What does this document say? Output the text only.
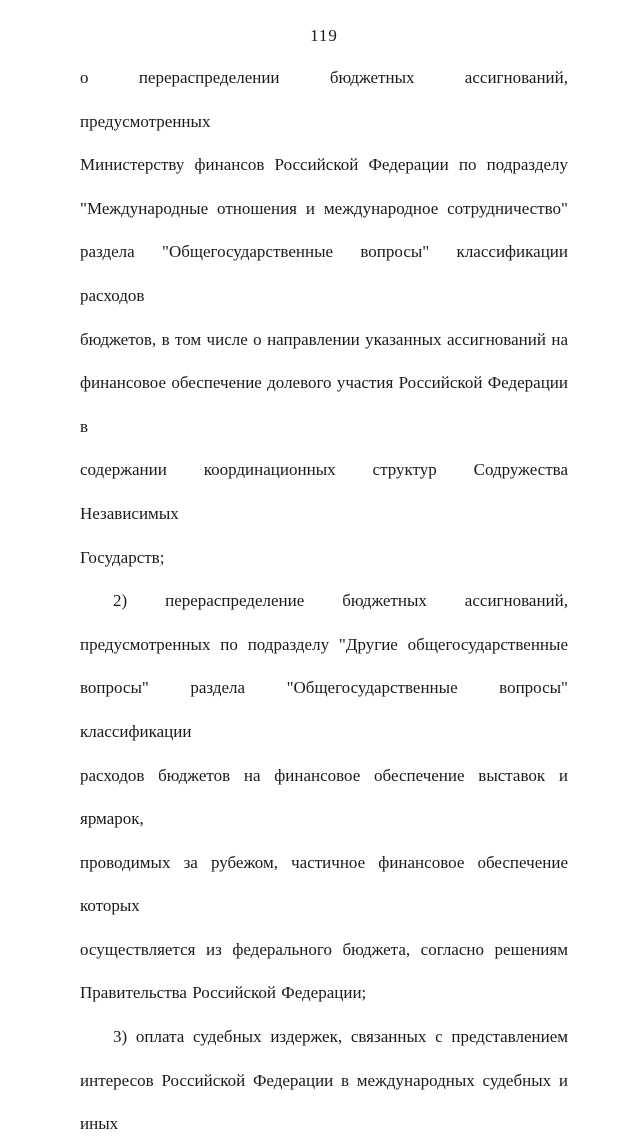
119
о перераспределении бюджетных ассигнований, предусмотренных
Министерству финансов Российской Федерации по подразделу
"Международные отношения и международное сотрудничество"
раздела "Общегосударственные вопросы" классификации расходов
бюджетов, в том числе о направлении указанных ассигнований на
финансовое обеспечение долевого участия Российской Федерации в
содержании координационных структур Содружества Независимых
Государств;
2) перераспределение бюджетных ассигнований,
предусмотренных по подразделу "Другие общегосударственные
вопросы" раздела "Общегосударственные вопросы" классификации
расходов бюджетов на финансовое обеспечение выставок и ярмарок,
проводимых за рубежом, частичное финансовое обеспечение которых
осуществляется из федерального бюджета, согласно решениям
Правительства Российской Федерации;
3) оплата судебных издержек, связанных с представлением
интересов Российской Федерации в международных судебных и иных
